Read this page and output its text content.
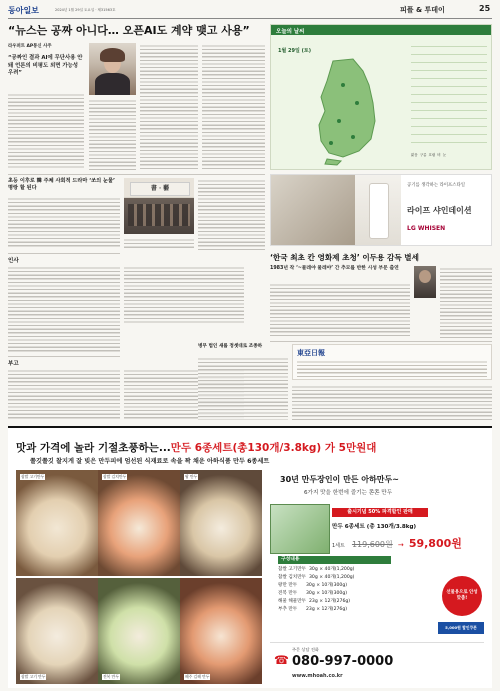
동아일보	2024년 1월 29일 토요일 · 제31563호	피플 & 투데이	25
“뉴스는 공짜 아니다… 오픈AI도 계약 맺고 사용”
라우퍼트 AP통신 사주
“공짜인 결과 AI에 무단사용 안돼 언론의 비평도 외면 가능성 우려”
초등 이후로 韓 주체 사회적 드라마 ‘쏘의 눈물’ 명랑 할 된다	書 · 藝
인사
부고
오늘의 날씨
1월 29일 (토)
맑음 구름 흐림 비 눈
공기를 생각하는 라이프스타일
라이프 샤인데이션
LG WHISEN
‘한국 최초 칸 영화제 초청’ 이두용 감독 별세
1983년 작 ‘~물레야 물레야’ 간 추모를 반한 시성 부문 출연
東亞日報
병무 법인 새롭 정셋대로 조종하
맛과 가격에 놀라 기절초풍하는...만두 6종세트(총130개/3.8kg) 가 5만원대
쫄깃쫄깃 찰지게 잘 빚은 만두피에 엄선된 식재료로 속을 꽉 채운 아하식품 만두 6종세트
찹쌀 고기만두	찹쌀 김치만두	왕 만두
찹쌀 고기 만두	전복 만두	해주 김해 만두
30년 만두장인이 만든 아하만두~
6가지 맛을 한번에 즐기는 쫀쫀 만두
출시기념 50% 파격할인 판매
만두 6종세트 (총 130개/3.8kg)
1세트 119,600원 → 59,800원
구성내용
찹쌀 고기만두  30g × 40개(1,200g)
찹쌀 김치만두  30g × 40개(1,200g)
왕만 만두      30g × 10개(300g)
전복 만두      30g × 10개(300g)
해물 해물만두  23g × 12개(276g)
부추 만두      23g × 12개(276g)
선물용으로 안성맞춤!
5,000원 할인쿠폰
☎
주문 상담 전화
080-997-0000
www.mhoah.co.kr
